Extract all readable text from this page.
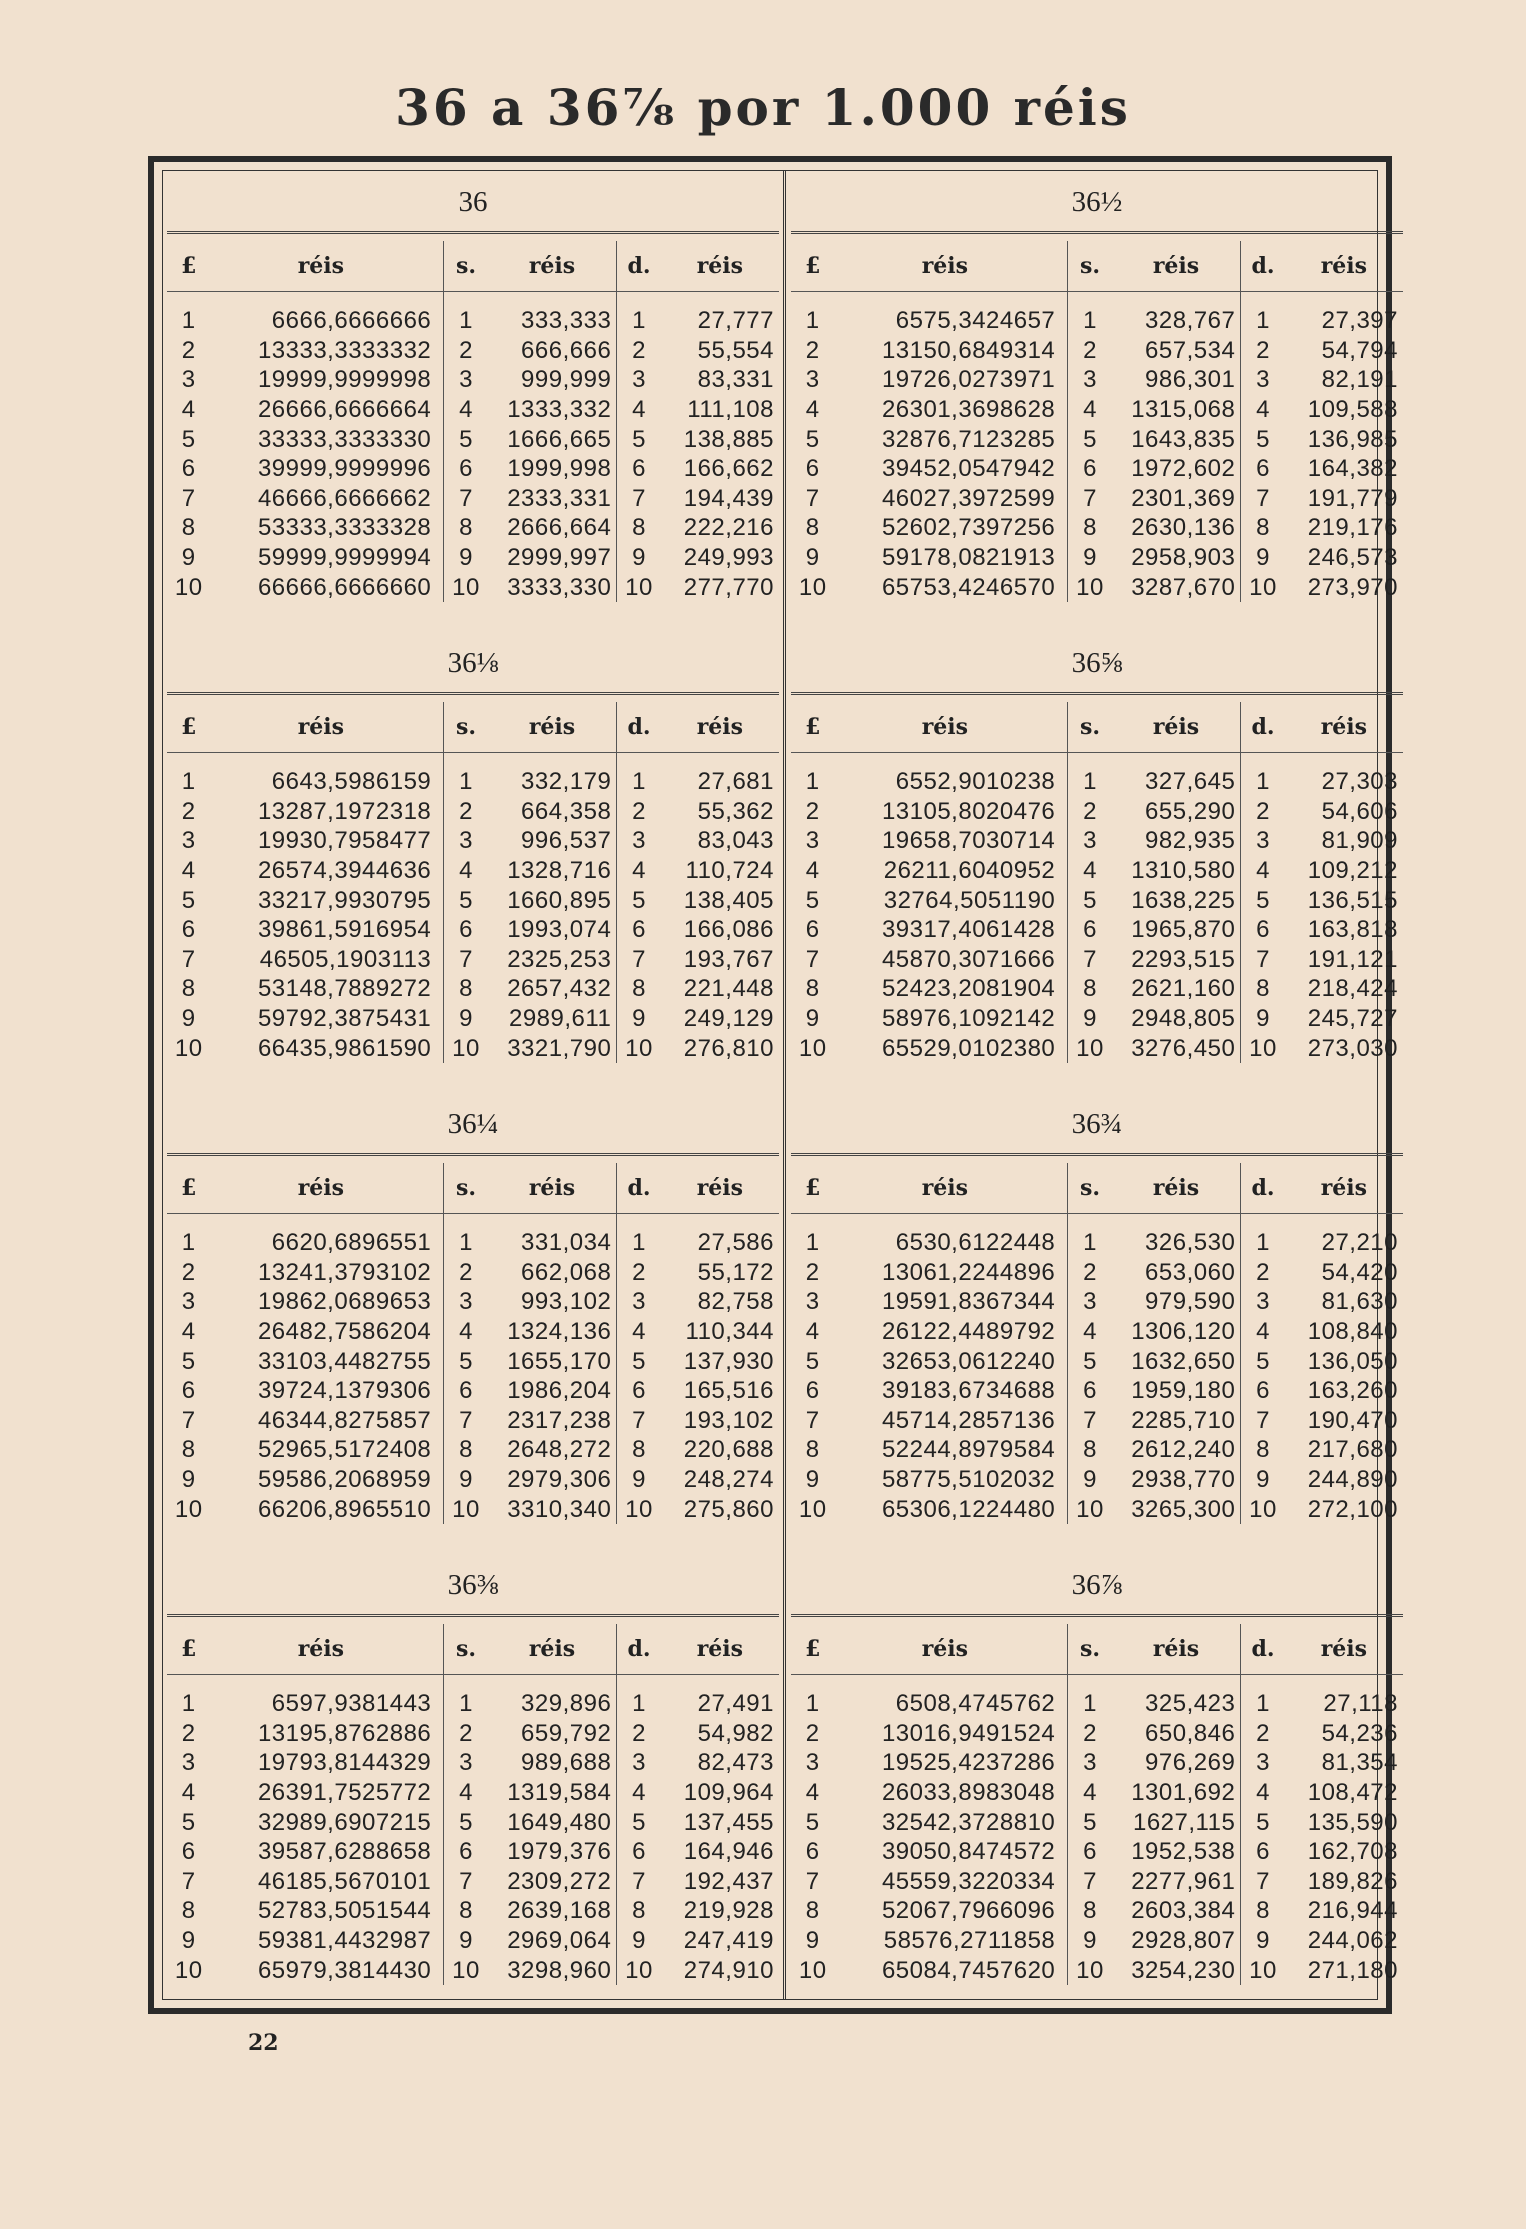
36 a 36⅞ por 1.000 réis
36
£	réis	s.	réis	d.	réis
1	6666,6666666	1	333,333	1	27,777
2	13333,3333332	2	666,666	2	55,554
3	19999,9999998	3	999,999	3	83,331
4	26666,6666664	4	1333,332	4	111,108
5	33333,3333330	5	1666,665	5	138,885
6	39999,9999996	6	1999,998	6	166,662
7	46666,6666662	7	2333,331	7	194,439
8	53333,3333328	8	2666,664	8	222,216
9	59999,9999994	9	2999,997	9	249,993
10	66666,6666660	10	3333,330	10	277,770
36½
£	réis	s.	réis	d.	réis
1	6575,3424657	1	328,767	1	27,397
2	13150,6849314	2	657,534	2	54,794
3	19726,0273971	3	986,301	3	82,191
4	26301,3698628	4	1315,068	4	109,588
5	32876,7123285	5	1643,835	5	136,985
6	39452,0547942	6	1972,602	6	164,382
7	46027,3972599	7	2301,369	7	191,779
8	52602,7397256	8	2630,136	8	219,176
9	59178,0821913	9	2958,903	9	246,573
10	65753,4246570	10	3287,670	10	273,970
36⅛
£	réis	s.	réis	d.	réis
1	6643,5986159	1	332,179	1	27,681
2	13287,1972318	2	664,358	2	55,362
3	19930,7958477	3	996,537	3	83,043
4	26574,3944636	4	1328,716	4	110,724
5	33217,9930795	5	1660,895	5	138,405
6	39861,5916954	6	1993,074	6	166,086
7	46505,1903113	7	2325,253	7	193,767
8	53148,7889272	8	2657,432	8	221,448
9	59792,3875431	9	2989,611	9	249,129
10	66435,9861590	10	3321,790	10	276,810
36⅝
£	réis	s.	réis	d.	réis
1	6552,9010238	1	327,645	1	27,303
2	13105,8020476	2	655,290	2	54,606
3	19658,7030714	3	982,935	3	81,909
4	26211,6040952	4	1310,580	4	109,212
5	32764,5051190	5	1638,225	5	136,515
6	39317,4061428	6	1965,870	6	163,818
7	45870,3071666	7	2293,515	7	191,121
8	52423,2081904	8	2621,160	8	218,424
9	58976,1092142	9	2948,805	9	245,727
10	65529,0102380	10	3276,450	10	273,030
36¼
£	réis	s.	réis	d.	réis
1	6620,6896551	1	331,034	1	27,586
2	13241,3793102	2	662,068	2	55,172
3	19862,0689653	3	993,102	3	82,758
4	26482,7586204	4	1324,136	4	110,344
5	33103,4482755	5	1655,170	5	137,930
6	39724,1379306	6	1986,204	6	165,516
7	46344,8275857	7	2317,238	7	193,102
8	52965,5172408	8	2648,272	8	220,688
9	59586,2068959	9	2979,306	9	248,274
10	66206,8965510	10	3310,340	10	275,860
36¾
£	réis	s.	réis	d.	réis
1	6530,6122448	1	326,530	1	27,210
2	13061,2244896	2	653,060	2	54,420
3	19591,8367344	3	979,590	3	81,630
4	26122,4489792	4	1306,120	4	108,840
5	32653,0612240	5	1632,650	5	136,050
6	39183,6734688	6	1959,180	6	163,260
7	45714,2857136	7	2285,710	7	190,470
8	52244,8979584	8	2612,240	8	217,680
9	58775,5102032	9	2938,770	9	244,890
10	65306,1224480	10	3265,300	10	272,100
36⅜
£	réis	s.	réis	d.	réis
1	6597,9381443	1	329,896	1	27,491
2	13195,8762886	2	659,792	2	54,982
3	19793,8144329	3	989,688	3	82,473
4	26391,7525772	4	1319,584	4	109,964
5	32989,6907215	5	1649,480	5	137,455
6	39587,6288658	6	1979,376	6	164,946
7	46185,5670101	7	2309,272	7	192,437
8	52783,5051544	8	2639,168	8	219,928
9	59381,4432987	9	2969,064	9	247,419
10	65979,3814430	10	3298,960	10	274,910
36⅞
£	réis	s.	réis	d.	réis
1	6508,4745762	1	325,423	1	27,118
2	13016,9491524	2	650,846	2	54,236
3	19525,4237286	3	976,269	3	81,354
4	26033,8983048	4	1301,692	4	108,472
5	32542,3728810	5	1627,115	5	135,590
6	39050,8474572	6	1952,538	6	162,708
7	45559,3220334	7	2277,961	7	189,826
8	52067,7966096	8	2603,384	8	216,944
9	58576,2711858	9	2928,807	9	244,062
10	65084,7457620	10	3254,230	10	271,180
22
